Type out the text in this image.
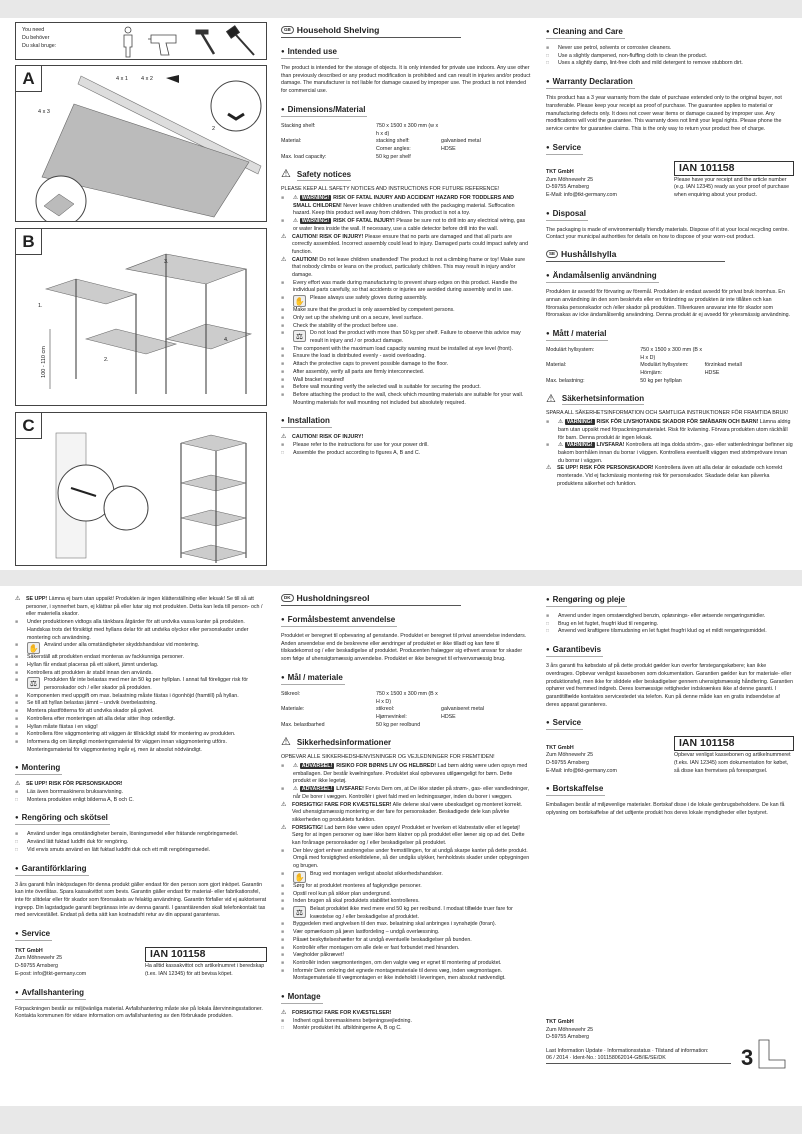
You need
Du behöver
Du skal bruge:
A	4 x 1 4 x 2
4 x 3
2
B
1.
2.
3.
4.
100 - 110 cm
C
GB Household Shelving
● Intended use
The product is intended for the storage of objects. It is only intended for private use indoors. Any use other than previously described or any product modification is prohibited and can result in injuries and/or product damage. The manufacturer is not liable for damage caused by improper use. The product is not intended for commercial use.
● Dimensions/Material
Stacking shelf:	750 x 1500 x 300 mm (w x h x d)
Material:	stacking shelf:	galvanised metal
Corner angles:	HDSE
Max. load capacity:	50 kg per shelf
⚠ Safety notices
PLEASE KEEP ALL SAFETY NOTICES AND INSTRUCTIONS FOR FUTURE REFERENCE!
■	⚠ WARNING! RISK OF FATAL INJURY AND ACCIDENT HAZARD FOR TODDLERS AND SMALL CHILDREN! Never leave children unattended with the packaging material. Suffocation hazard. Keep this product well away from children. This product is not a toy.
■	⚠ WARNING! RISK OF FATAL INJURY! Please be sure not to drill into any electrical wiring, gas or water lines inside the wall. If necessary, use a cable detector before drill into the wall.
⚠	CAUTION! RISK OF INJURY! Please ensure that no parts are damaged and that all parts are correctly assembled. Incorrect assembly could lead to injury. Damaged parts could impact safety and function.
⚠	CAUTION! Do not leave children unattended! The product is not a climbing frame or toy! Make sure that nobody climbs or leans on the product, particularly children. This may result in injury and/or damage.
■	Every effort was made during manufacturing to prevent sharp edges on this product. Handle the individual parts carefully, so that accidents or injuries are avoided during assembly and in use.
■	✋ Please always use safety gloves during assembly.
■	Make sure that the product is only assembled by competent persons.
■	Only set up the shelving unit on a secure, level surface.
■	Check the stability of the product before use.
■	⚖	Do not load the product with more than 50 kg per shelf. Failure to observe this advice may result in injury and / or product damage.
■	The component with the maximum load capacity warning must be installed at eye level (front).
■	Ensure the load is distributed evenly - avoid overloading.
■	Attach the protective caps to prevent possible damage to the floor.
■	After assembly, verify all parts are firmly interconnected.
■	Wall bracket required!
■	Before wall mounting verify the selected wall is suitable for securing the product.
■	Before attaching the product to the wall, check which mounting materials are suitable for your wall. Mounting materials for wall mounting not included but absolutely required.
● Installation
⚠	CAUTION! RISK OF INJURY!
■	Please refer to the instructions for use for your power drill.
□	Assemble the product according to figures A, B and C.
● Cleaning and Care
■	Never use petrol, solvents or corrosive cleaners.
□	Use a slightly dampened, non-fluffing cloth to clean the product.
□	Uses a slightly damp, lint-free cloth and mild detergent to remove stubborn dirt.
● Warranty Declaration
This product has a 3 year warranty from the date of purchase extended only to the original buyer, not transferable. Please keep your receipt as proof of purchase. The guarantee applies to material or manufacturing defects only. It does not cover wear items or damage caused by improper use. Any modifications will void the guarantee. This warranty does not limit your legal rights. Please phone the service centre for guarantee claims. This is the only way to return your product free of charge.
● Service
TKT GmbH
Zum Möhnewehr 25
D-59755 Arnsberg
E-Mail: info@tkt-germany.com
IAN 101158
Please have your receipt and the article number (e.g. IAN 12345) ready as your proof of purchase when enquiring about your product.
● Disposal
The packaging is made of environmentally friendly materials. Dispose of it at your local recycling centre. Contact your municipal authorities for details on how to dispose of your worn-out product.
SE Hushållshylla
● Ändamålsenlig användning
Produkten är avsedd för förvaring av föremål. Produkten är endast avsedd för privat bruk inomhus. En annan användning än den som beskrivits eller en förändring av produkten är inte tillåten och kan förorsaka personskador och /eller skador på produkten. Tillverkaren ansvarar inte för skador som förorsakas av icke ändamålsenlig användning. Denna produkt är ej avsedd för yrkesmässig användning.
● Mått / material
Modulärt hyllsystem:	750 x 1500 x 300 mm (B x H x D)
Material:	Modulärt hyllsystem:	förzinkad metall
Hörnjärn:	HDSE
Max. belastning:	50 kg per hyllplan
⚠ Säkerhetsinformation
SPARA ALL SÄKERHETSINFORMATION OCH SAMTLIGA INSTRUKTIONER FÖR FRAMTIDA BRUK!
■	⚠ VARNING! RISK FÖR LIVSHOTANDE SKADOR FÖR SMÅBARN OCH BARN! Lämna aldrig barn utan uppsikt med förpackningsmaterialet. Risk för kvävning. Förvara produkten utom räckhåll för barn. Denna produkt är ingen leksak.
■	⚠ VARNING! LIVSFARA! Kontrollera att inga dolda ström-, gas- eller vattenledningar befinner sig bakom borrhålen innan du borrar i väggen. Kontrollera eventuellt väggen med strömprövare innan du borrar i väggen.
⚠	SE UPP! RISK FÖR PERSONSKADOR! Kontrollera även att alla delar är oskadade och korrekt monterade. Vid ej fackmässig montering risk för personskador. Skadade delar kan påverka produktens säkerhet och funktion.
⚠	SE UPP! Lämna ej barn utan uppsikt! Produkten är ingen klätterställning eller leksak! Se till så att personer, i synnerhet barn, ej klättrar på eller lutar sig mot produkten. Detta kan leda till person- och / eller materiella skador.
■	Under produktionen vidtogs alla tänkbara åtgärder för att undvika vassa kanter på produkten. Handskas trots det försiktigt med hyllans delar för att undvika olyckor eller personskador under montering och användning.
■	✋ Använd under alla omständigheter skyddshandskar vid montering.
■	Säkerställ att produkten endast monteras av fackkunniga personer.
■	Hyllan får endast placeras på ett säkert, jämnt underlag.
■	Kontrollera att produkten är stabil innan den används.
■	⚖	Produkten får inte belastas med mer än 50 kg per hyllplan. I annat fall föreligger risk för personskador och / eller skador på produkten.
■	Komponenten med uppgift om max. belastning måste fästas i ögonhöjd (framtill) på hyllan.
■	Se till att hyllan belastas jämnt – undvik överbelastning.
■	Montera plastfötterna för att undvika skador på golvet.
■	Kontrollera efter monteringen att alla delar sitter ihop ordentligt.
■	Hyllan måste fästas i en vägg!
■	Kontrollera före väggmontering att väggen är tillräckligt stabil för montering av produkten.
■	Informera dig om lämpligt monteringsmaterial för väggen innan väggmontering utförs. Monteringsmaterial för väggmontering ingår ej, men är absolut nödvändigt.
● Montering
⚠	SE UPP! RISK FÖR PERSONSKADOR!
■	Läs även borrmaskinens bruksanvisning.
□	Montera produkten enligt bilderna A, B och C.
● Rengöring och skötsel
■	Använd under inga omständigheter bensin, lösningsmedel eller frätande rengöringsmedel.
□	Använd lätt fuktad luddfri duk för rengöring.
□	Vid envis smuts använd en lätt fuktad luddfri duk och ett milt rengöringsmedel.
● Garantiförklaring
3 års garanti från inköpsdagen för denna produkt gäller endast för den person som gjort inköpet. Garantin kan inte överlåtas. Spara kassakvittot som bevis. Garantin gäller endast för material- eller fabrikationsfel, inte för slitdelar eller för skador som förorsakats av felaktig användning. Garantin förfaller vid ej auktoriserat ingrepp. Din lagstadgade garanti begränsas inte av denna garanti. I garantiärenden skall telefonkontakt tas med servicestället. Endast på detta sätt kan kostnadsfri retur av din apparat garanteras.
● Service
TKT GmbH
Zum Möhnewehr 25
D-59755 Arnsberg
E-post: info@tkt-germany.com
IAN 101158
Ha alltid kassakvittot och artikelnumret i beredskap (t.ex. IAN 12345) för att bevisa köpet.
● Avfallshantering
Förpackningen består av miljövänliga material. Avfallshantering måste ske på lokala återvinningsstationer. Kontakta kommunen för vidare information om avfallshantering av den förbrukade produkten.
DK Husholdningsreol
● Formålsbestemt anvendelse
Produktet er beregnet til opbevaring af genstande. Produktet er beregnet til privat anvendelse indendørs. Anden anvendelse end de beskrevne eller ændringer af produktet er ikke tilladt og kan føre til tilskadekomst og / eller beskadigelse af produktet. Producenten fralægger sig ethvert ansvar for skader som følge af uhensigtsmæssig anvendelse. Produktet er ikke beregnet til erhvervsmæssig brug.
● Mål / materiale
Stikreol:	750 x 1500 x 300 mm (B x H x D)
Materiale:	stikreol:	galvaniseret metal
Hjørnevinkel:	HDSE
Max. belastbarhed	50 kg per reolbund
⚠ Sikkerhedsinformationer
OPBEVAR ALLE SIKKERHEDSHENVISNINGER OG VEJLEDNINGER FOR FREMTIDEN!
■	⚠ ADVARSEL! RISIKO FOR BØRNS LIV OG HELBRED! Lad børn aldrig være uden opsyn med emballagen. Der består kvælningsfare. Produktet skal opbevares utilgængeligt for børn. Dette produkt er ikke legetøj.
■	⚠ ADVARSEL! LIVSFARE! Forvis Dem om, at De ikke støder på strøm-, gas- eller vandledninger, når De borer i væggen. Kontrollér i givet fald med en ledningssøger, inden du borer i væggen.
⚠	FORSIGTIG! FARE FOR KVÆSTELSER! Alle delene skal være ubeskadiget og monteret korrekt. Ved uhensigtsmæssig montering er der fare for personskader. Beskadigede dele kan påvirke sikkerheden og produktets funktion.
⚠	FORSIGTIG! Lad børn ikke være uden opsyn! Produktet er hverken et klatrestativ eller et legetøj! Sørg for at ingen personer og især ikke børn klatrer op på produktet eller læner sig op ad det. Dette kan forårsage personskader og / eller beskadigelser på produktet.
■	Der blev gjort enhver anstrengelse under fremstillingen, for at undgå skarpe kanter på dette produkt. Omgå med forsigtighed enkeltdelene, så der undgås ulykker, henholdsvis skader under opbygningen og brugen.
■	✋ Brug ved montagen verligst absolut sikkerhedshandsker.
■	Sørg for at produktet monteres af fagkyndige personer.
■	Opstil reol kun på sikker plan undergrund.
■	Inden brugen så skal produktets stabilitet kontrolleres.
■	⚖	Belast produktet ikke med mere end 50 kg per reolbund. I modsat tilfælde truer fare for kvæstelse og / eller beskadigelse af produktet.
■	Byggedelen med angivelsen til den max. belastning skal anbringes i synshøjde (foran).
■	Vær opmærksom på jævn lastfordeling – undgå overlæssning.
■	Påsæt beskyttelseshætter for at undgå eventuelle beskadigelser på bunden.
■	Kontrollér efter montagen om alle dele er fast forbundet med hinanden.
■	Vægholder påkrævet!
■	Kontrollér inden vægmonteringen, om den valgte væg er egnet til montering af produktet.
■	Informér Dem omkring det egnede montagemateriale til deres væg, inden vægmontagen. Montagemateriale til vægmontagen er ikke indeholdt i leveringen, men absolut nødvendigt.
● Montage
⚠	FORSIGTIG! FARE FOR KVÆSTELSER!
■	Indhent også boremaskinens betjeningsvejledning.
□	Montér produktet iht. afbildningerne A, B og C.
● Rengøring og pleje
■	Anvend under ingen omstændighed benzin, opløsnings- eller ætsende rengøringsmidler.
□	Brug en let fugtet, fnugfri klud til rengøring.
□	Anvend ved kraftigere tilsmudsning en let fugtet fnugfri klud og et mildt rengøringsmiddel.
● Garantibevis
3 års garanti fra købsdato af på dette produkt gælder kun overfor førstegangskøbere; kan ikke overdrages. Opbevar venligst kassebonen som dokumentation. Garantien gælder kun for materiale- eller produktionsfejl, men ikke for sliddele eller beskadigelser gennem uhensigtsmæssig håndtering. Garantien ophører ved fremmed indgreb. Deres lovmæssige rettigheder indskrænkes ikke af denne garanti. I garantitilfælde kontaktes servicestedet via telefon. Kun på denne måde kan en gratis indsendelse af deres apparat garanteres.
● Service
TKT GmbH
Zum Möhnewehr 25
D-59755 Arnsberg
E-Mail: info@tkt-germany.com
IAN 101158
Opbevar venligst kassebonen og artikelnummeret (f.eks. IAN 12345) som dokumentation for købet, så disse kan fremvises på forespørgsel.
● Bortskaffelse
Emballagen består af miljøvenlige materialer. Bortskaf disse i de lokale genbrugsbeholdere. De kan få oplysning om bortskaffelse af det udtjente produkt hos deres lokale myndigheder eller bystyret.
TKT GmbH
Zum Möhnewehr 25
D-59755 Arnsberg
Last Information Update · Informationsstatus · Tilstand af information:
06 / 2014 · Ident-No.: 101158062014-GB/IE/SE/DK	3
